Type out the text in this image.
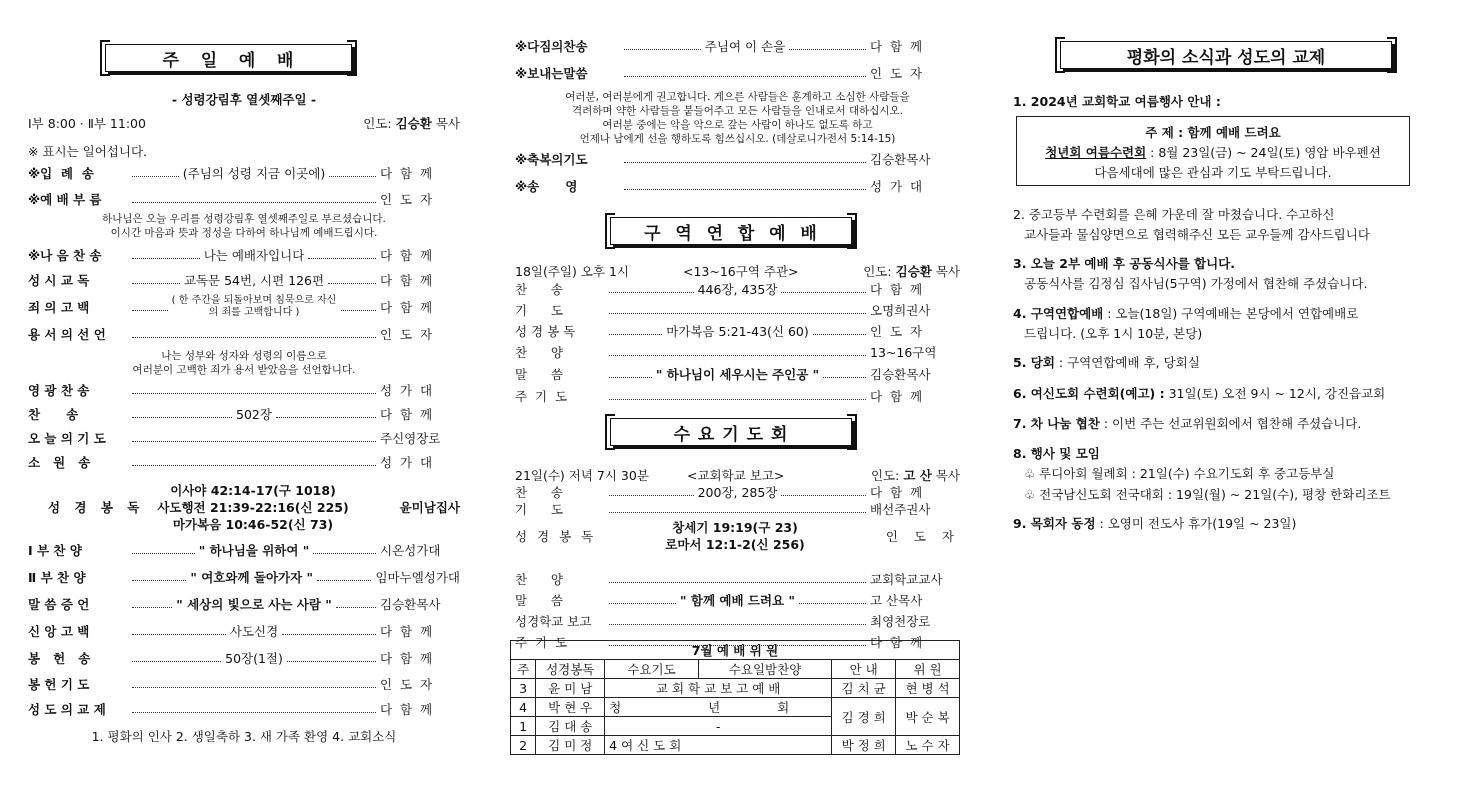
주   일   예   배
- 성령강림후 열셋째주일 -
Ⅰ부 8:00 · Ⅱ부 11:00	인도: 김승환 목사
※ 표시는 일어섭니다.
※입  례  송	(주님의 성령 지금 이곳에)	다  함  께
※예 배 부 름	인  도  자
※나 음 찬 송	나는 예배자입니다	다  함  께
성 시 교 독	교독문 54번, 시편 126편	다  함  께
죄 의 고 백	( 한 주간을 되돌아보며 침묵으로 자신의 죄를 고백합니다 )	다  함  께
용 서 의 선 언	인  도  자
영 광 찬 송	성  가  대
찬      송	502장	다  함  께
오 늘 의 기 도	주신영장로
소   원   송	성  가  대
Ⅰ 부 찬 양	" 하나님을 위하여 "	시온성가대
Ⅱ 부 찬 양	" 여호와께 돌아가자 "	임마누엘성가대
말 씀 증 언	" 세상의 빛으로 사는 사람 "	김승환목사
신 앙 고 백	사도신경	다  함  께
봉   헌   송	50장(1절)	다  함  께
봉 헌 기 도	인  도  자
성 도 의 교 제	다  함  께
하나님은 오늘 우리를 성령강림후 열셋째주일로 부르셨습니다.
이시간 마음과 뜻과 정성을 다하여 하나님께 예배드립시다.
나는 성부와 성자와 성령의 이름으로
여러분이 고백한 죄가 용서 받았음을 선언합니다.
성 경 봉 독
이사야 42:14-17(구 1018)
사도행전 21:39-22:16(신 225)
마가복음 10:46-52(신 73)
윤미남집사
1. 평화의 인사 2. 생일축하 3. 새 가족 환영 4. 교회소식
※다짐의찬송	주님여 이 손을	다  함  께
※보내는말씀	인  도  자
여러분, 여러분에게 권고합니다. 게으른 사람들은 훈계하고 소심한 사람들을
격려하며 약한 사람들을 붙들어주고 모든 사람들을 인내로서 대하십시오.
여러분 중에는 악을 악으로 갚는 사람이 하나도 없도록 하고
언제나 남에게 선을 행하도록 힘쓰십시오. (데살로니가전서 5:14-15)
※축복의기도	김승환목사
※송      영	성  가  대
구  역  연  합  예  배
18일(주일) 오후 1시	<13~16구역 주관>	인도: 김승환 목사
찬      송	446장, 435장	다  함  께
기      도	오명희권사
성 경 봉 독	마가복음 5:21-43(신 60)	인  도  자
찬      양	13~16구역
말      씀	" 하나님이 세우시는 주인공 "	김승환목사
주  기  도	다  함  께
수 요 기 도 회
21일(수) 저녁 7시 30분	<교회학교 보고>	인도: 고 산 목사
찬      송	200장, 285장	다  함  께
기      도	배선주권사
성 경 봉 독
창세기 19:19(구 23)
로마서 12:1-2(신 256)
인 도 자
찬      양	교회학교교사
말      씀	" 함께 예배 드려요 "	고 산목사
성경학교 보고	최영천장로
주  기  도	다  함  께
7월 예 배 위 원					
주	성경봉독	수요기도	수요일밤찬양	안 내	위 원
3	윤 미 남	교 회 학 교 보 고 예 배		김 치 균	현 병 석
4	박 현 우	청 년 회		김 경 희	박 순 복
1	김 대 송	-			
2	김 미 정	4 여 신 도 회		박 정 희	노 수 자
평화의 소식과 성도의 교제
1. 2024년 교회학교 여름행사 안내 :
주 제 : 함께 예배 드려요
청년회 여름수련회 : 8월 23일(금) ~ 24일(토) 영암 바우펜션
다음세대에 많은 관심과 기도 부탁드립니다.
2. 중고등부 수련회를 은혜 가운데 잘 마쳤습니다. 수고하신
교사들과 물심양면으로 협력해주신 모든 교우들께 감사드립니다
3. 오늘 2부 예배 후 공동식사를 합니다.
공동식사를 김정심 집사님(5구역) 가정에서 협찬해 주셨습니다.
4. 구역연합예배 : 오늘(18일) 구역예배는 본당에서 연합예배로
드립니다. (오후 1시 10분, 본당)
5. 당회 : 구역연합예배 후, 당회실
6. 여신도회 수련회(예고) : 31일(토) 오전 9시 ~ 12시, 강진읍교회
7. 차 나눔 협찬 : 이번 주는 선교위원회에서 협찬해 주셨습니다.
8. 행사 및 모임
♧ 루디아회 월례회 : 21일(수) 수요기도회 후 중고등부실
♧ 전국남신도회 전국대회 : 19일(월) ~ 21일(수), 평창 한화리조트
9. 목회자 동정 : 오영미 전도사 휴가(19일 ~ 23일)
